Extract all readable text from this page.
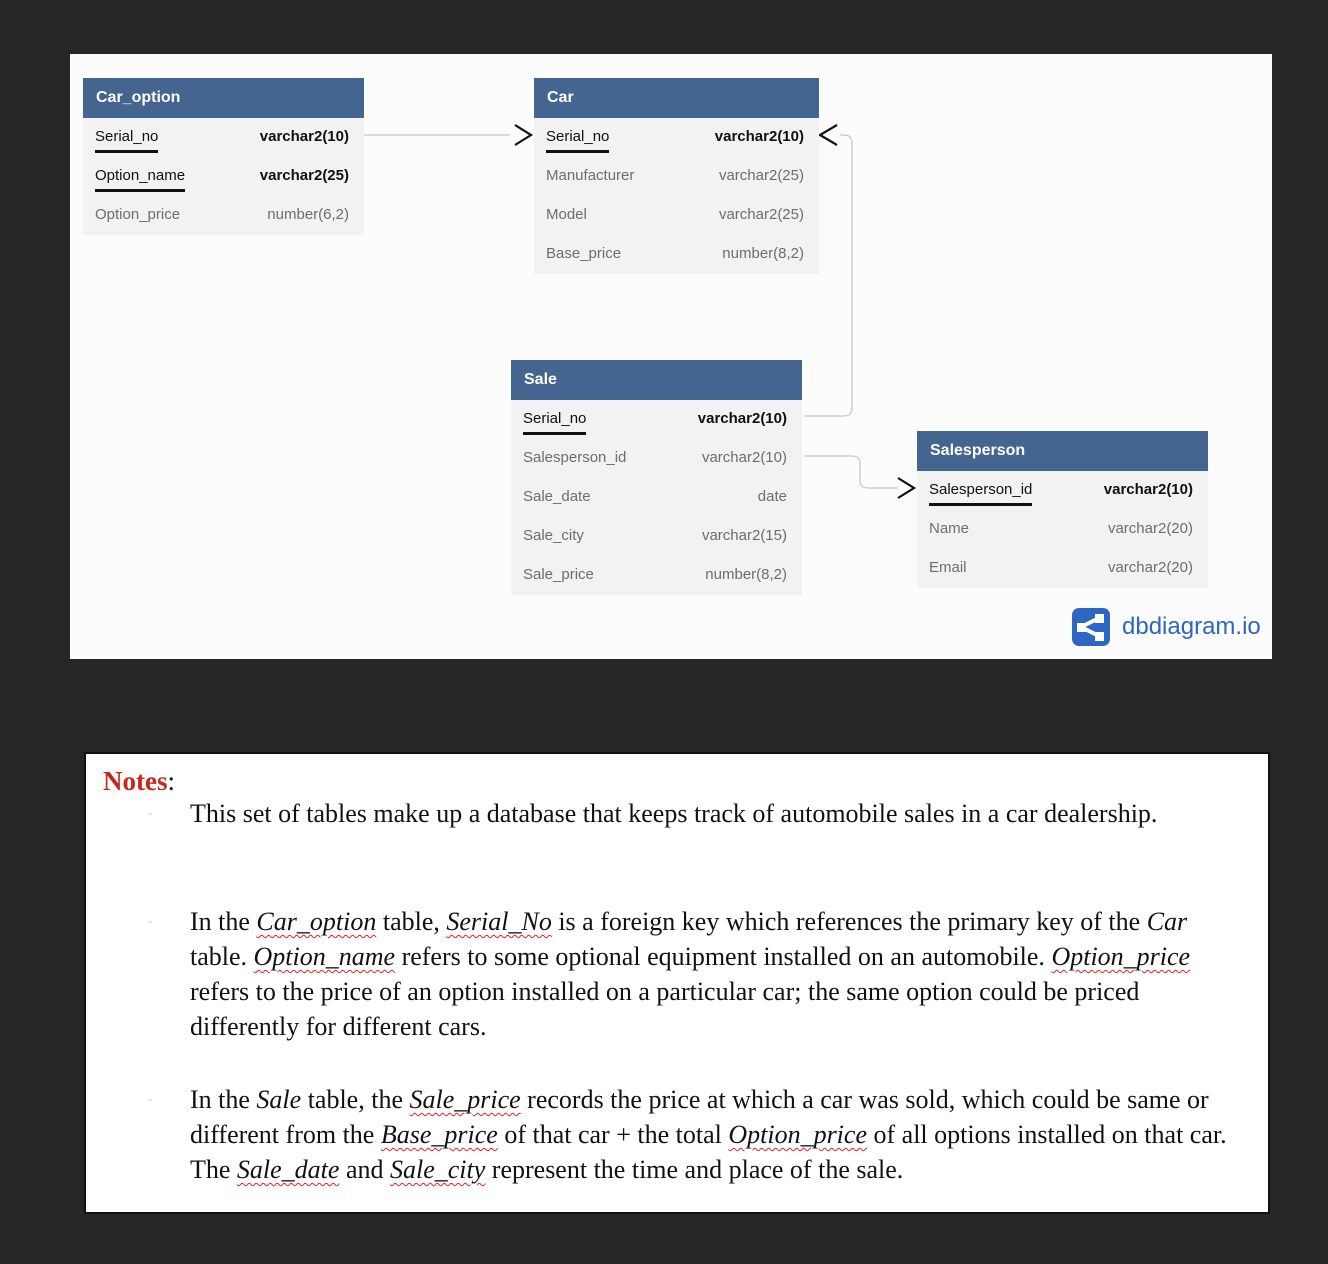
Car_option
Serial_no	varchar2(10)
Option_name	varchar2(25)
Option_price	number(6,2)
Car
Serial_no	varchar2(10)
Manufacturer	varchar2(25)
Model	varchar2(25)
Base_price	number(8,2)
Sale
Serial_no	varchar2(10)
Salesperson_id	varchar2(10)
Sale_date	date
Sale_city	varchar2(15)
Sale_price	number(8,2)
Salesperson
Salesperson_id	varchar2(10)
Name	varchar2(20)
Email	varchar2(20)
dbdiagram.io
Notes:
- This set of tables make up a database that keeps track of automobile sales in a car dealership.
- In the Car_option table, Serial_No is a foreign key which references the primary key of the Car table. Option_name refers to some optional equipment installed on an automobile. Option_price refers to the price of an option installed on a particular car; the same option could be priced differently for different cars.
- In the Sale table, the Sale_price records the price at which a car was sold, which could be same or different from the Base_price of that car + the total Option_price of all options installed on that car. The Sale_date and Sale_city represent the time and place of the sale.
